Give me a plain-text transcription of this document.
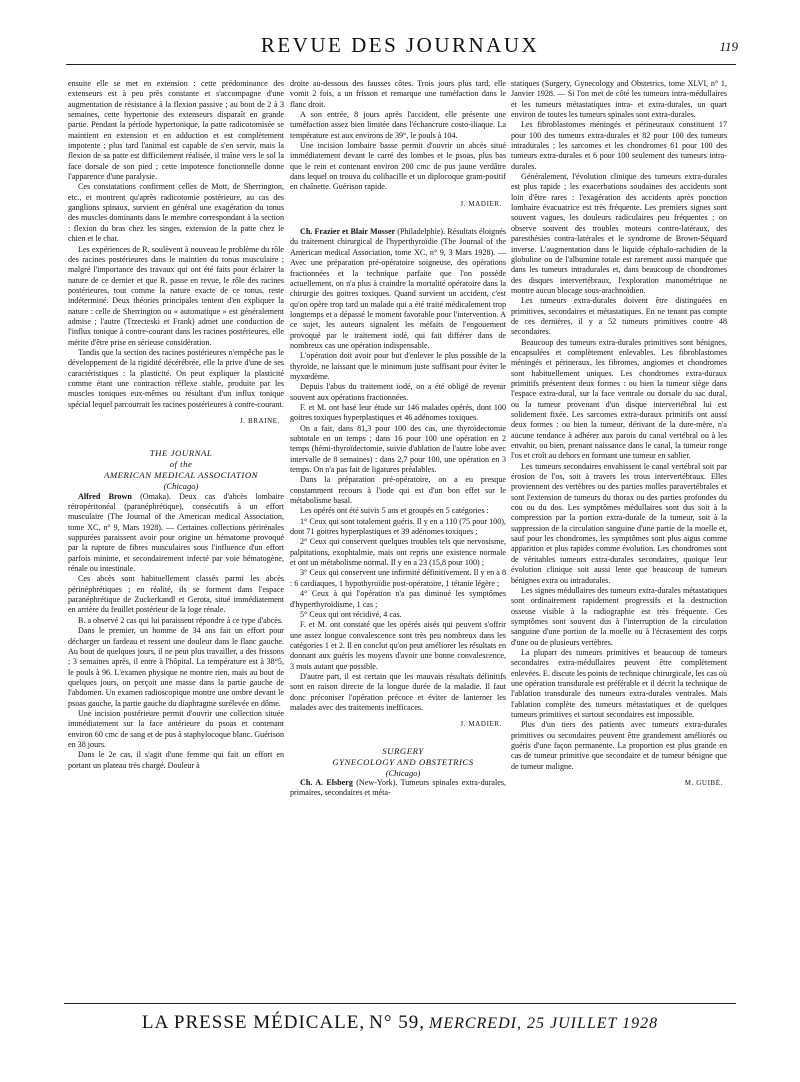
REVUE DES JOURNAUX	119

ensuite elle se met en extension : cette prédominance des extenseurs est à peu près constante et s'accompagne d'une augmentation de résistance à la flexion passive ; au bout de 2 à 3 semaines, cette hypertonie des extenseurs disparaît en grande partie. Pendant la période hypertonique, la patte radicotomisée se maintient en extension et en adduction et est complètement impotente ; plus tard l'animal est capable de s'en servir, mais la flexion de sa patte est difficilement réalisée, il traîne vers le sol la face dorsale de son pied ; cette impotence fonctionnelle donne l'apparence d'une paralysie.

Ces constatations confirment celles de Mott, de Sherrington, etc., et montrent qu'après radicotomie postérieure, au cas des ganglions spinaux, survient en général une exagération du tonus des muscles dominants dans le membre correspondant à la section : flexion du bras chez les singes, extension de la patte chez le chien et le chat.

Les expériences de R. soulèvent à nouveau le problème du rôle des racines postérieures dans le maintien du tonus musculaire ; malgré l'importance des travaux qui ont été faits pour éclairer la nature de ce dernier et que R. passe en revue, le rôle des racines postérieures, tout comme la nature exacte de ce tonus, reste indéterminé. Deux théories principales tentent d'en expliquer la nature : celle de Sherrington ou « automatique » est généralement admise ; l'autre (Trzecteski et Frank) admet une conduction de l'influx tonique à contre-courant dans les racines postérieures, elle mérite d'être prise en sérieuse considération.

Tandis que la section des racines postérieures n'empêche pas le développement de la rigidité décérébrée, elle la prive d'une de ses caractéristiques : la plasticité. On peut expliquer la plasticité comme étant une contraction réflexe stable, produite par les muscles toniques eux-mêmes ou résultant d'un influx tonique spécial lequel parcourrait les racines postérieures à contre-courant.

J. BRAINE.

THE JOURNAL

of the

AMERICAN MEDICAL ASSOCIATION

(Chicago)

Alfred Brown (Omaka). Deux cas d'abcès lombaire rétropéritonéal (paranéphrétique), consécutifs à un effort musculaire (The Journal of the American medical Association, tome XC, n° 9, Mars 1928). — Certaines collections périrénales suppurées paraissent avoir pour origine un hématome provoqué par la rupture de fibres musculaires sous l'influence d'un effort parfois minime, et secondairement infecté par voie hématogène, rénale ou intestinale.

Ces abcès sont habituellement classés parmi les abcès périnéphrétiques ; en réalité, ils se forment dans l'espace paranéphrétique de Zuckerkandl et Gerota, situé immédiatement en arrière du feuillet postérieur de la loge rénale.

B. a observé 2 cas qui lui paraissent répondre à ce type d'abcès.

Dans le premier, un homme de 34 ans fait un effort pour décharger un fardeau et ressent une douleur dans le flanc gauche. Au bout de quelques jours, il ne peut plus travailler, a des frissons ; 3 semaines après, il entre à l'hôpital. La température est à 38°5, le pouls à 96. L'examen physique ne montre rien, mais au bout de quelques jours, on perçoit une masse dans la partie gauche de l'abdomen. Un examen radioscopique montre une ombre devant le psoas gauche, la partie gauche du diaphragme surélevée en dôme.

Une incision postérieure permit d'ouvrir une collection située immédiatement sur la face antérieure du psoas et contenant environ 60 cmc de sang et de pus à staphylocoque blanc. Guérison en 38 jours.

Dans le 2e cas, il s'agit d'une femme qui fait un effort en portant un plateau très chargé. Douleur à

droite au-dessous des fausses côtes. Trois jours plus tard, elle vomit 2 fois, a un frisson et remarque une tuméfaction dans le flanc droit.

A son entrée, 8 jours après l'accident, elle présente une tuméfaction assez bien limitée dans l'échancrure costo-iliaque. La température est aux environs de 39°, le pouls à 104.

Une incision lombaire basse permit d'ouvrir un abcès situé immédiatement devant le carré des lombes et le psoas, plus bas que le rein et contenant environ 200 cmc de pus jaune verdâtre dans lequel on trouva du colibacille et un diplocoque gram-positif en chaînette. Guérison rapide.

J. MADIER.

Ch. Frazier et Blair Mosser (Philadelphie). Résultats éloignés du traitement chirurgical de l'hyperthyroïdie (The Journal of the American medical Association, tome XC, n° 9, 3 Mars 1928). — Avec une préparation pré-opératoire soigneuse, des opérations fractionnées et la technique parfaite que l'on possède actuellement, on n'a plus à craindre la mortalité opératoire dans la chirurgie des goitres toxiques. Quand survient un accident, c'est qu'on opère trop tard un malade qui a été traité médicalement trop longtemps et a dépassé le moment favorable pour l'intervention. A ce sujet, les auteurs signalent les méfaits de l'engouement provoqué par le traitement iodé, qui fait différer dans de nombreux cas une opération indispensable.

L'opération doit avoir pour but d'enlever le plus possible de la thyroïde, ne laissant que le minimum juste suffisant pour éviter le myxœdème.

Depuis l'abus du traitement iodé, on a été obligé de revenir souvent aux opérations fractionnées.

F. et M. ont basé leur étude sur 146 malades opérés, dont 100 goitres toxiques hyperplastiques et 46 adénomes toxiques.

On a fait, dans 81,3 pour 100 des cas, une thyroïdectomie subtotale en un temps ; dans 16 pour 100 une opération en 2 temps (hémi-thyroïdectomie, suivie d'ablation de l'autre lobe avec intervalle de 8 semaines) : dans 2,7 pour 100, une opération en 3 temps. On n'a pas fait de ligatures préalables.

Dans la préparation pré-opératoire, on a eu presque constamment recours à l'iode qui est d'un bon effet sur le métabolisme basal.

Les opérés ont été suivis 5 ans et groupés en 5 catégories :

1° Ceux qui sont totalement guéris. Il y en a 110 (75 pour 100), dont 71 goitres hyperplastiques et 39 adénomes toxiques ;

2° Ceux qui conservent quelques troubles tels que nervosisme, palpitations, exophtalmie, mais ont repris une existence normale et ont un métabolisme normal. Il y en a 23 (15,8 pour 100) ;

3° Ceux qui conservent une infirmité définitivement. Il y en a 8 : 6 cardiaques, 1 hypothyroïdie post-opératoire, 1 tétanie légère ;

4° Ceux à qui l'opération n'a pas diminué les symptômes d'hyperthyroïdisme, 1 cas ;

5° Ceux qui ont récidivé, 4 cas.

F. et M. ont constaté que les opérés aisés qui peuvent s'offrir une assez longue convalescence sont très peu nombreux dans les catégories 1 et 2. Il en conclut qu'on peut améliorer les résultats en donnant aux guéris les moyens d'avoir une bonne convalescence, 3 mois autant que possible.

D'autre part, il est certain que les mauvais résultats définitifs sont en raison directe de la longue durée de la maladie. Il faut donc préconiser l'opération précoce et éviter de lanterner les malades avec des traitements inefficaces.

J. MADIER.

SURGERY

GYNECOLOGY AND OBSTETRICS

(Chicago)

Ch. A. Elsberg (New-York). Tumeurs spinales extra-durales, primaires, secondaires et méta-

statiques (Surgery, Gynecology and Obstetrics, tome XLVI, n° 1, Janvier 1928. — Si l'on met de côté les tumeurs intra-médullaires et les tumeurs métastatiques intra- et extra-durales, un quart environ de toutes les tumeurs spinales sont extra-durales.

Les fibroblastomes méningés et périneuraux constituent 17 pour 100 des tumeurs extra-durales et 82 pour 100 des tumeurs intradurales ; les sarcomes et les chondromes 61 pour 100 des tumeurs extra-durales et 6 pour 100 seulement des tumeurs intra-durales.

Généralement, l'évolution clinique des tumeurs extra-durales est plus rapide ; les exacerbations soudaines des accidents sont loin d'être rares : l'exagération des accidents après ponction lombaire évacuatrice est très fréquente. Les premiers signes sont souvent vagues, les douleurs radiculaires peu fréquentes ; on observe souvent des troubles moteurs contro-latéraux, des paresthésies contra-latérales et le syndrome de Brown-Séquard inverse. L'augmentation dans le liquide céphalo-rachidien de la globuline ou de l'albumine totale est rarement aussi marquée que dans les tumeurs intradurales et, dans beaucoup de chondromes des disques intervertébraux, l'exploration manométrique ne montre aucun blocage sous-arachnoïdien.

Les tumeurs extra-durales doivent être distinguées en primitives, secondaires et métastatiques. En ne tenant pas compte de ces dernières, il y a 52 tumeurs primitives contre 48 secondaires.

Beaucoup des tumeurs extra-durales primitives sont bénignes, encapsulées et complètement enlevables. Les fibroblastomes méningés et périneraux, les fibromes, angiomes et chondromes sont habituellement uniques. Les chondromes extra-duraux primitifs présentent deux formes : ou bien la tumeur siège dans l'espace extra-dural, sur la face ventrale ou dorsale du sac dural, ou la tumeur provenant d'un disque intervertébral lui est solidement fixée. Les sarcomes extra-duraux primitifs ont aussi deux formes : ou bien la tumeur, dérivant de la dure-mère, n'a aucune tendance à adhérer aux parois du canal vertébral ou à les envahir, ou bien, prenant naissance dans le canal, la tumeur ronge l'os et croît au dehors en formant une tumeur en sablier.

Les tumeurs secondaires envahissent le canal vertébral soit par érosion de l'os, soit à travers les trous intervertébraux. Elles proviennent des vertèbres ou des parties molles paravertébrales et sont l'extension de tumeurs du thorax ou des parties profondes du cou ou du dos. Les symptômes médullaires sont dus soit à la compression par la portion extra-durale de la tumeur, soit à la suppression de la circulation sanguine d'une partie de la moelle et, sauf pour les chondromes, les symptômes sont plus aigus comme apparition et plus rapides comme évolution. Les chondromes sont de véritables tumeurs extra-durales secondaires, quoique leur évolution clinique soit aussi lente que beaucoup de tumeurs bénignes extra ou intradurales.

Les signes médullaires des tumeurs extra-durales métastatiques sont ordinairement rapidement progressifs et la destruction osseuse visible à la radiographie est très fréquente. Ces symptômes sont souvent dus à l'interruption de la circulation sanguine d'une portion de la moelle ou à l'écrasement des corps d'une ou de plusieurs vertèbres.

La plupart des tumeurs primitives et beaucoup de tumeurs secondaires extra-médullaires peuvent être complètement enlevées. E. discute les points de technique chirurgicale, les cas où une opération transdurale est préférable et il décrit la technique de l'ablation transdurale des tumeurs extra-durales ventrales. Mais l'ablation complète des tumeurs métastatiques et de quelques tumeurs primitives et surtout secondaires est impossible.

Plus d'un tiers des patients avec tumeurs extra-durales primitives ou secondaires peuvent être grandement améliorés ou guéris d'une façon permanente. La proportion est plus grande en cas de tumeur primitive que secondaire et de tumeur bénigne que de tumeur maligne.

M. GUIBÉ.

LA PRESSE MÉDICALE, N° 59, MERCREDI, 25 JUILLET 1928
